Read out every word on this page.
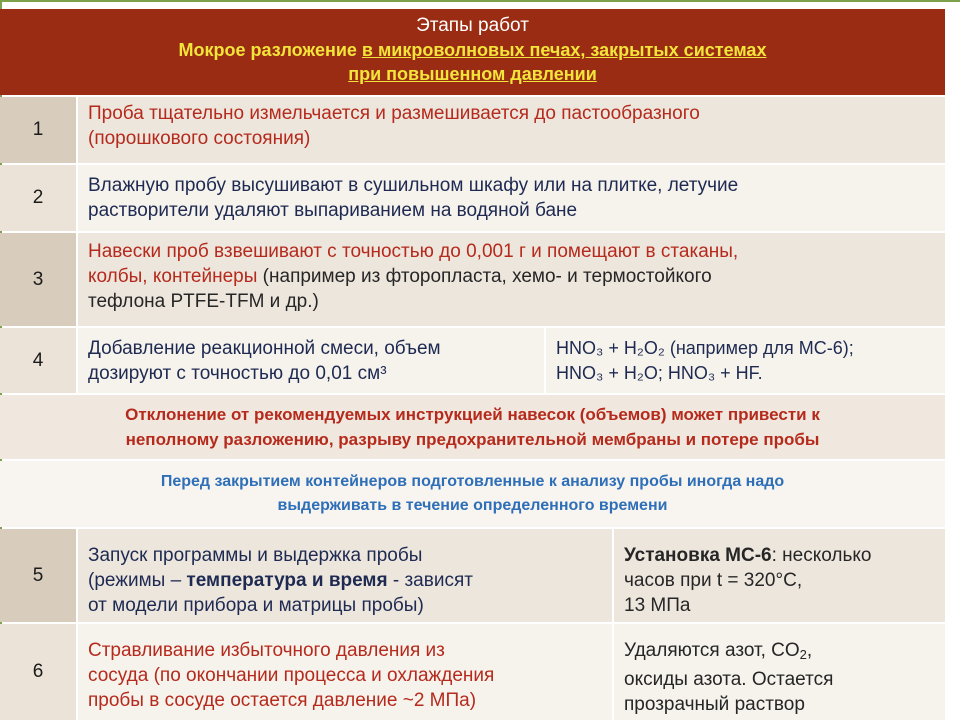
Этапы работ
Мокрое разложение в микроволновых печах, закрытых системах
при повышенном давлении
1
Проба тщательно измельчается и размешивается до пастообразного
(порошкового состояния)
2
Влажную пробу высушивают в сушильном шкафу или на плитке, летучие
растворители удаляют выпариванием на водяной бане
3
Навески проб взвешивают с точностью до 0,001 г и помещают в стаканы,
колбы, контейнеры (например из фторопласта, хемо- и термостойкого
тефлона PTFE-TFM и др.)
4
Добавление реакционной смеси, объем
дозируют с точностью до 0,01 см³
HNO₃ + H₂O₂ (например для МС-6);
HNO₃ + H₂O; HNO₃ + HF.
Отклонение от рекомендуемых инструкцией навесок (объемов) может привести к
неполному разложению, разрыву предохранительной мембраны и потере пробы
Перед закрытием контейнеров подготовленные к анализу пробы иногда надо
выдерживать в течение определенного времени
5
Запуск программы и выдержка пробы
(режимы – температура и время - зависят
от модели прибора и матрицы пробы)
Установка МС-6: несколько
часов при t = 320°C,
13 МПа
6
Стравливание избыточного давления из
сосуда (по окончании процесса и охлаждения
пробы в сосуде остается давление ~2 МПа)
Удаляются азот, $CO_2$,
оксиды азота. Остается
прозрачный раствор
